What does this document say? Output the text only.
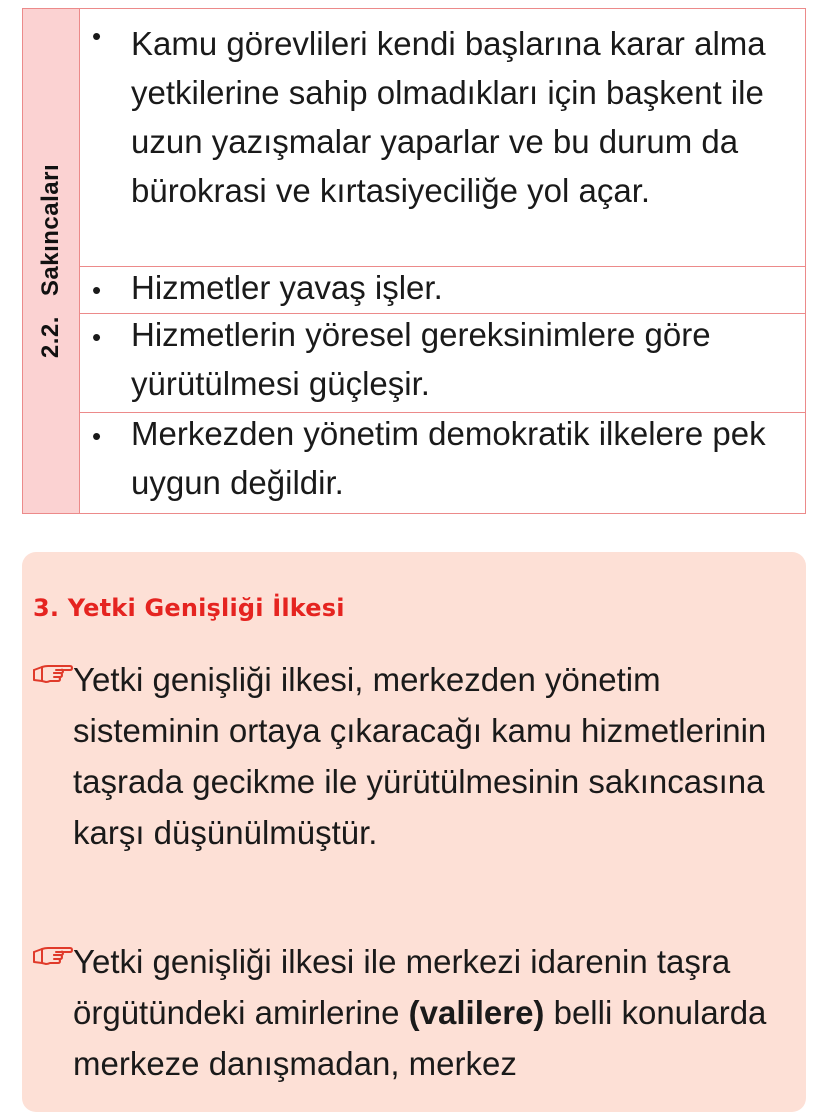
2.2.Sakıncaları
• Kamu görevlileri kendi başlarına karar alma yetkilerine sahip olmadıkları için başkent ile uzun yazışmalar yaparlar ve bu durum da bürokrasi ve kırtasiyeciliğe yol açar.
• Hizmetler yavaş işler.
• Hizmetlerin yöresel gereksinimlere göre yürütülmesi güçleşir.
• Merkezden yönetim demokratik ilkelere pek uygun değildir.
3. Yetki Genişliği İlkesi
Yetki genişliği ilkesi, merkezden yönetim sisteminin ortaya çıkaracağı kamu hizmetlerinin taşrada gecikme ile yürütülmesinin sakıncasına karşı düşünülmüştür.
Yetki genişliği ilkesi ile merkezi idarenin taşra örgütündeki amirlerine (valilere) belli konularda merkeze danışmadan, merkez
